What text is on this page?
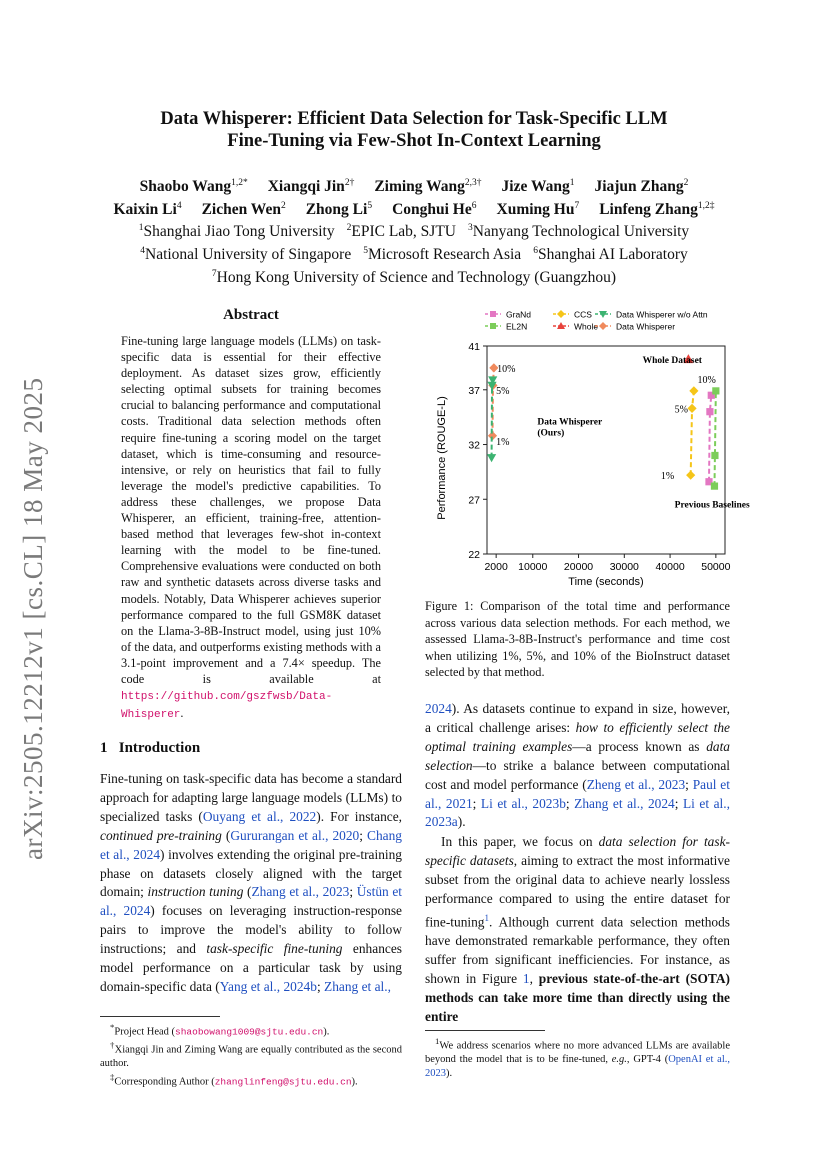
arXiv:2505.12212v1 [cs.CL] 18 May 2025
Data Whisperer: Efficient Data Selection for Task-Specific LLM
Fine-Tuning via Few-Shot In-Context Learning
Shaobo Wang$^{1,2*}$ Xiangqi Jin$^{2\dagger}$ Ziming Wang$^{2,3\dagger}$ Jize Wang$^1$ Jiajun Zhang$^2$
Kaixin Li$^4$ Zichen Wen$^2$ Zhong Li$^5$ Conghui He$^6$ Xuming Hu$^7$ Linfeng Zhang$^{1,2\ddagger}$
$^1$Shanghai Jiao Tong University $^2$EPIC Lab, SJTU $^3$Nanyang Technological University
$^4$National University of Singapore $^5$Microsoft Research Asia $^6$Shanghai AI Laboratory
$^7$Hong Kong University of Science and Technology (Guangzhou)
Abstract
Fine-tuning large language models (LLMs) on task-specific data is essential for their effective deployment. As dataset sizes grow, efficiently selecting optimal subsets for training becomes crucial to balancing performance and computational costs. Traditional data selection methods often require fine-tuning a scoring model on the target dataset, which is time-consuming and resource-intensive, or rely on heuristics that fail to fully leverage the model's predictive capabilities. To address these challenges, we propose Data Whisperer, an efficient, training-free, attention-based method that leverages few-shot in-context learning with the model to be fine-tuned. Comprehensive evaluations were conducted on both raw and synthetic datasets across diverse tasks and models. Notably, Data Whisperer achieves superior performance compared to the full GSM8K dataset on the Llama-3-8B-Instruct model, using just 10% of the data, and outperforms existing methods with a 3.1-point improvement and a 7.4× speedup. The code is available at https://github.com/gszfwsb/Data-Whisperer.
1 Introduction
Fine-tuning on task-specific data has become a standard approach for adapting large language models (LLMs) to specialized tasks (Ouyang et al., 2022). For instance, continued pre-training (Gururangan et al., 2020; Chang et al., 2024) involves extending the original pre-training phase on datasets closely aligned with the target domain; instruction tuning (Zhang et al., 2023; Üstün et al., 2024) focuses on leveraging instruction-response pairs to improve the model's ability to follow instructions; and task-specific fine-tuning enhances model performance on a particular task by using domain-specific data (Yang et al., 2024b; Zhang et al.,
*Project Head (shaobowang1009@sjtu.edu.cn).
†Xiangqi Jin and Ziming Wang are equally contributed as the second author.
‡Corresponding Author (zhanglinfeng@sjtu.edu.cn).
2000 10000 20000 30000 40000 50000
22
27
32
37
41
Time (seconds)
Performance (ROUGE-L)
GraNd	CCS	Data Whisperer w/o Attn
EL2N	Whole Data Whisperer
10%
5%
1%
Data Whisperer
(Ours)
Whole Dataset
10%
5%
1%
Previous Baselines
Figure 1: Comparison of the total time and performance across various data selection methods. For each method, we assessed Llama-3-8B-Instruct's performance and time cost when utilizing 1%, 5%, and 10% of the BioInstruct dataset selected by that method.
2024). As datasets continue to expand in size, however, a critical challenge arises: how to efficiently select the optimal training examples—a process known as data selection—to strike a balance between computational cost and model performance (Zheng et al., 2023; Paul et al., 2021; Li et al., 2023b; Zhang et al., 2024; Li et al., 2023a).
In this paper, we focus on data selection for task-specific datasets, aiming to extract the most informative subset from the original data to achieve nearly lossless performance compared to using the entire dataset for fine-tuning$^1$. Although current data selection methods have demonstrated remarkable performance, they often suffer from significant inefficiencies. For instance, as shown in Figure 1, previous state-of-the-art (SOTA) methods can take more time than directly using the entire
$^1$We address scenarios where no more advanced LLMs are available beyond the model that is to be fine-tuned, e.g., GPT-4 (OpenAI et al., 2023).
